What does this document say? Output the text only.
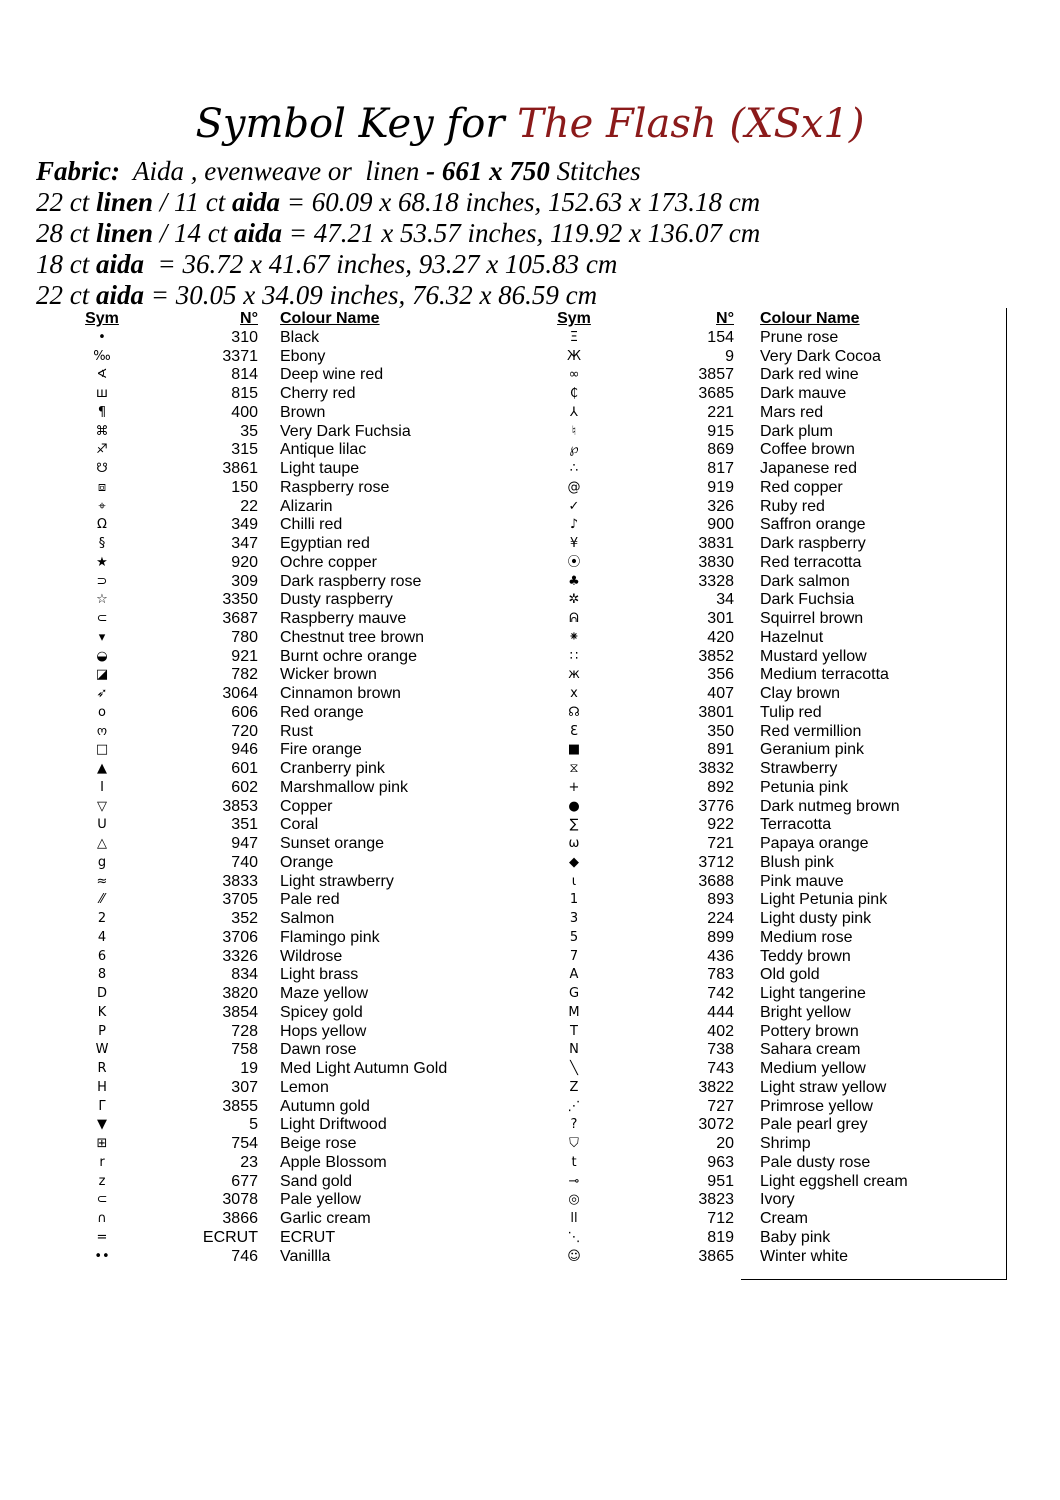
Symbol Key for The Flash (XSx1)
Fabric:  Aida , evenweave or  linen - 661 x 750 Stitches
22 ct linen / 11 ct aida = 60.09 x 68.18 inches, 152.63 x 173.18 cm
28 ct linen / 14 ct aida = 47.21 x 53.57 inches, 119.92 x 136.07 cm
18 ct aida  = 36.72 x 41.67 inches, 93.27 x 105.83 cm
22 ct aida = 30.05 x 34.09 inches, 76.32 x 86.59 cm
Sym	N° Colour Name
•	310 Black
‰	3371 Ebony
∢	814 Deep wine red
ш	815 Cherry red
¶	400 Brown
⌘	35 Very Dark Fuchsia
♐	315 Antique lilac
☋	3861 Light taupe
⧈	150 Raspberry rose
⌖	22 Alizarin
Ω	349 Chilli red
§	347 Egyptian red
★	920 Ochre copper
⊃	309 Dark raspberry rose
☆	3350 Dusty raspberry
⊂	3687 Raspberry mauve
▾	780 Chestnut tree brown
◒	921 Burnt ochre orange
◪	782 Wicker brown
➶	3064 Cinnamon brown
o	606 Red orange
ო	720 Rust
□	946 Fire orange
▲	601 Cranberry pink
Ⅰ	602 Marshmallow pink
▽	3853 Copper
ᑌ	351 Coral
△	947 Sunset orange
g	740 Orange
≈	3833 Light strawberry
⁄⁄	3705 Pale red
2	352 Salmon
4	3706 Flamingo pink
6	3326 Wildrose
8	834 Light brass
D	3820 Maze yellow
K	3854 Spicey gold
P	728 Hops yellow
W	758 Dawn rose
R	19 Med Light Autumn Gold
H	307 Lemon
Γ	3855 Autumn gold
▼	5 Light Driftwood
⊞	754 Beige rose
r	23 Apple Blossom
z	677 Sand gold
⊂	3078 Pale yellow
∩	3866 Garlic cream
=	ECRUT ECRUT
••	746 Vanillla
Sym	N° Colour Name
Ξ	154 Prune rose
Ж	9 Very Dark Cocoa
∞	3857 Dark red wine
₵	3685 Dark mauve
⅄	221 Mars red
♮	915 Dark plum
℘	869 Coffee brown
∴	817 Japanese red
@	919 Red copper
✓	326 Ruby red
♪	900 Saffron orange
¥	3831 Dark raspberry
⦿	3830 Red terracotta
♣	3328 Dark salmon
✲	34 Dark Fuchsia
ᕱ	301 Squirrel brown
⁕	420 Hazelnut
∷	3852 Mustard yellow
ж	356 Medium terracotta
x	407 Clay brown
☊	3801 Tulip red
Ɛ	350 Red vermillion
■	891 Geranium pink
⧖	3832 Strawberry
+	892 Petunia pink
●	3776 Dark nutmeg brown
∑	922 Terracotta
ω	721 Papaya orange
◆	3712 Blush pink
ɩ	3688 Pink mauve
1	893 Light Petunia pink
3	224 Light dusty pink
5	899 Medium rose
7	436 Teddy brown
A	783 Old gold
G	742 Light tangerine
M	444 Bright yellow
T	402 Pottery brown
N	738 Sahara cream
╲	743 Medium yellow
Z	3822 Light straw yellow
⋰	727 Primrose yellow
?	3072 Pale pearl grey
⛉	20 Shrimp
t	963 Pale dusty rose
⊸	951 Light eggshell cream
◎	3823 Ivory
ll	712 Cream
⋱	819 Baby pink
☺	3865 Winter white
